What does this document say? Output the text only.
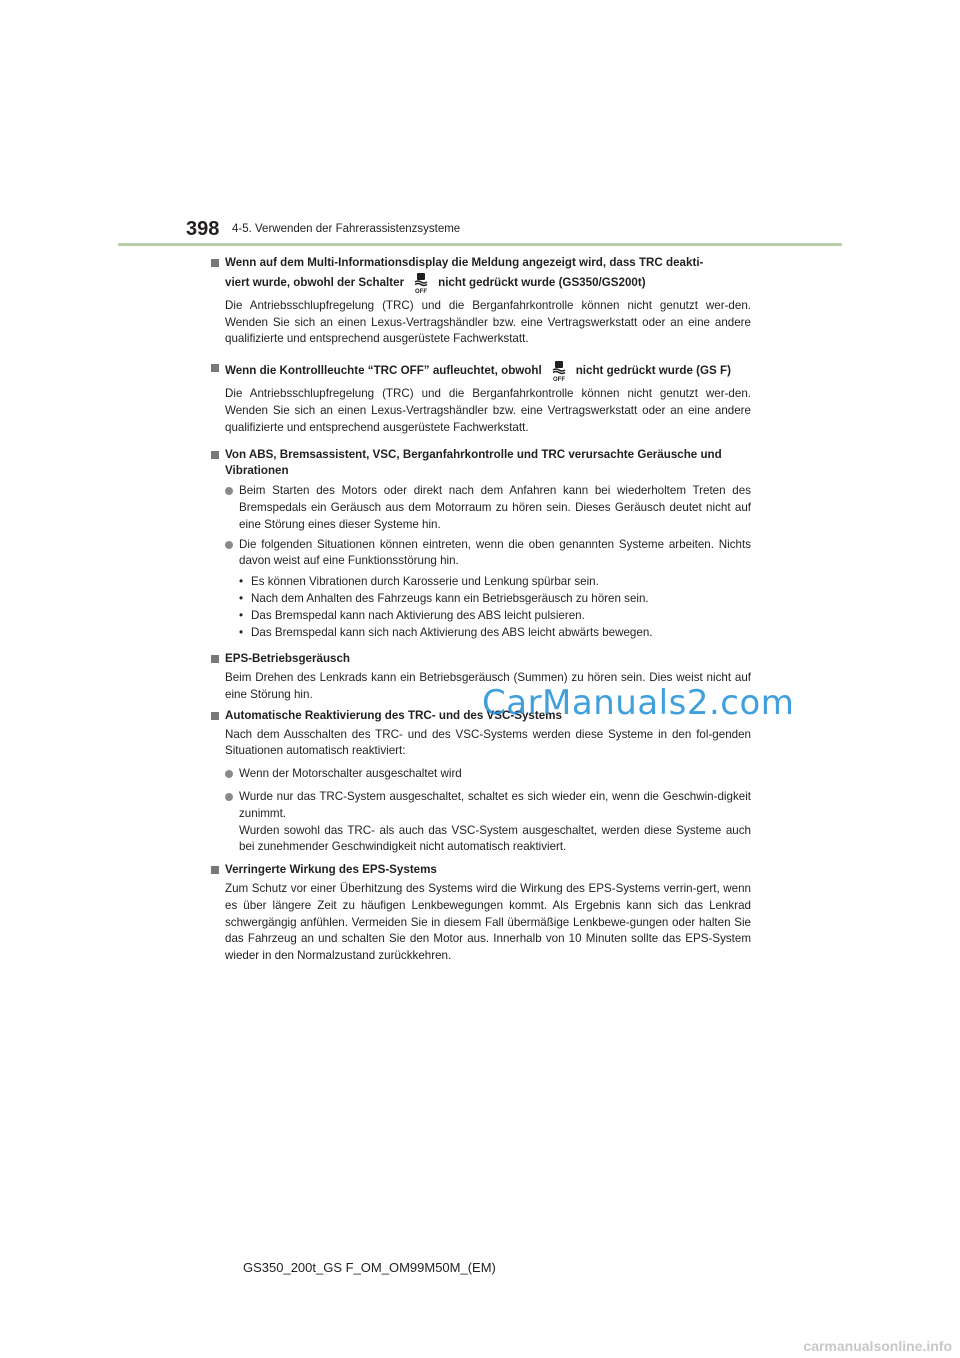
398 4-5. Verwenden der Fahrerassistenzsysteme
Wenn auf dem Multi-Informationsdisplay die Meldung angezeigt wird, dass TRC deakti-
viert wurde, obwohl der Schalter
OFF
nicht gedrückt wurde (GS350/GS200t)
Die Antriebsschlupfregelung (TRC) und die Berganfahrkontrolle können nicht genutzt wer-den. Wenden Sie sich an einen Lexus-Vertragshändler bzw. eine Vertragswerkstatt oder an eine andere qualifizierte und entsprechend ausgerüstete Fachwerkstatt.
Wenn die Kontrollleuchte “TRC OFF” aufleuchtet, obwohl
OFF
nicht gedrückt wurde (GS F)
Die Antriebsschlupfregelung (TRC) und die Berganfahrkontrolle können nicht genutzt wer-den. Wenden Sie sich an einen Lexus-Vertragshändler bzw. eine Vertragswerkstatt oder an eine andere qualifizierte und entsprechend ausgerüstete Fachwerkstatt.
Von ABS, Bremsassistent, VSC, Berganfahrkontrolle und TRC verursachte Geräusche und Vibrationen
Beim Starten des Motors oder direkt nach dem Anfahren kann bei wiederholtem Treten des Bremspedals ein Geräusch aus dem Motorraum zu hören sein. Dieses Geräusch deutet nicht auf eine Störung eines dieser Systeme hin.
Die folgenden Situationen können eintreten, wenn die oben genannten Systeme arbeiten. Nichts davon weist auf eine Funktionsstörung hin.
• Es können Vibrationen durch Karosserie und Lenkung spürbar sein.
• Nach dem Anhalten des Fahrzeugs kann ein Betriebsgeräusch zu hören sein.
• Das Bremspedal kann nach Aktivierung des ABS leicht pulsieren.
• Das Bremspedal kann sich nach Aktivierung des ABS leicht abwärts bewegen.
EPS-Betriebsgeräusch
Beim Drehen des Lenkrads kann ein Betriebsgeräusch (Summen) zu hören sein. Dies weist nicht auf eine Störung hin.
Automatische Reaktivierung des TRC- und des VSC-Systems
Nach dem Ausschalten des TRC- und des VSC-Systems werden diese Systeme in den fol-genden Situationen automatisch reaktiviert:
Wenn der Motorschalter ausgeschaltet wird
Wurde nur das TRC-System ausgeschaltet, schaltet es sich wieder ein, wenn die Geschwin-digkeit zunimmt.
Wurden sowohl das TRC- als auch das VSC-System ausgeschaltet, werden diese Systeme auch bei zunehmender Geschwindigkeit nicht automatisch reaktiviert.
Verringerte Wirkung des EPS-Systems
Zum Schutz vor einer Überhitzung des Systems wird die Wirkung des EPS-Systems verrin-gert, wenn es über längere Zeit zu häufigen Lenkbewegungen kommt. Als Ergebnis kann sich das Lenkrad schwergängig anfühlen. Vermeiden Sie in diesem Fall übermäßige Lenkbewe-gungen oder halten Sie das Fahrzeug an und schalten Sie den Motor aus. Innerhalb von 10 Minuten sollte das EPS-System wieder in den Normalzustand zurückkehren.
CarManuals2.com
GS350_200t_GS F_OM_OM99M50M_(EM)
carmanualsonline.info
